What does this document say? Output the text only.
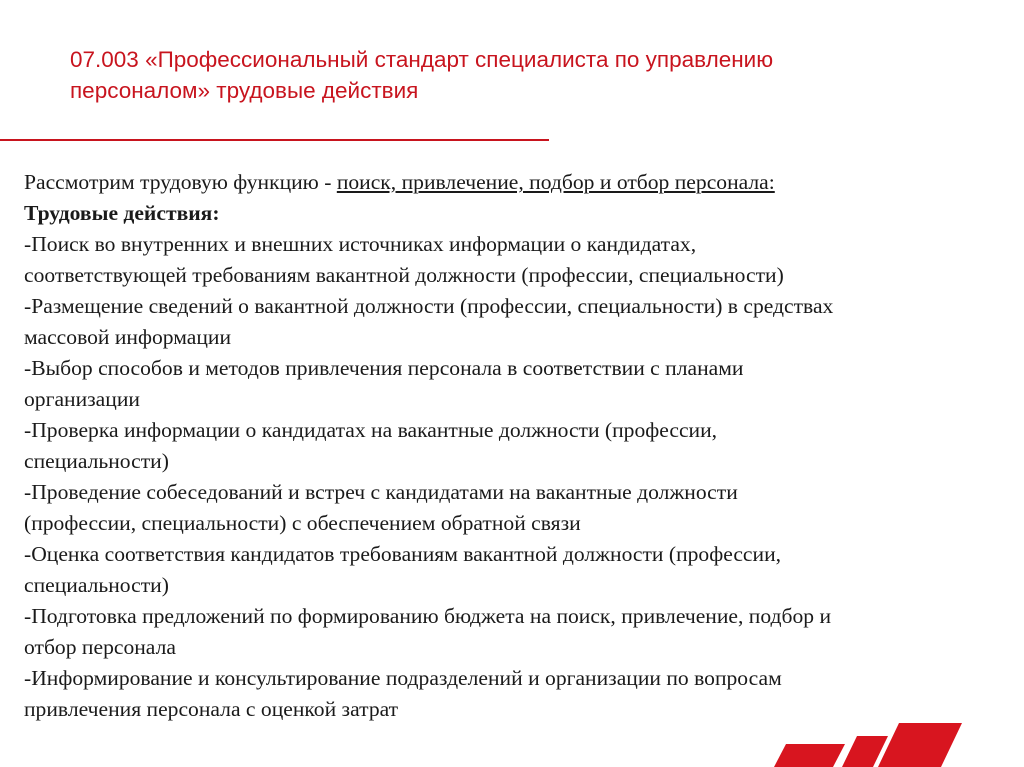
07.003 «Профессиональный стандарт специалиста по управлению
персоналом» трудовые действия
Рассмотрим трудовую функцию - поиск, привлечение, подбор и отбор персонала:
Трудовые действия:
-Поиск во внутренних и внешних источниках информации о кандидатах,
соответствующей требованиям вакантной должности (профессии, специальности)
-Размещение сведений о вакантной должности (профессии, специальности) в средствах
массовой информации
-Выбор способов и методов привлечения персонала в соответствии с планами
организации
-Проверка информации о кандидатах на вакантные должности (профессии,
специальности)
-Проведение собеседований и встреч с кандидатами на вакантные должности
(профессии, специальности) с обеспечением обратной связи
-Оценка соответствия кандидатов требованиям вакантной должности (профессии,
специальности)
-Подготовка предложений по формированию бюджета на поиск, привлечение, подбор и
отбор персонала
-Информирование и консультирование подразделений и организации по вопросам
привлечения персонала с оценкой затрат
